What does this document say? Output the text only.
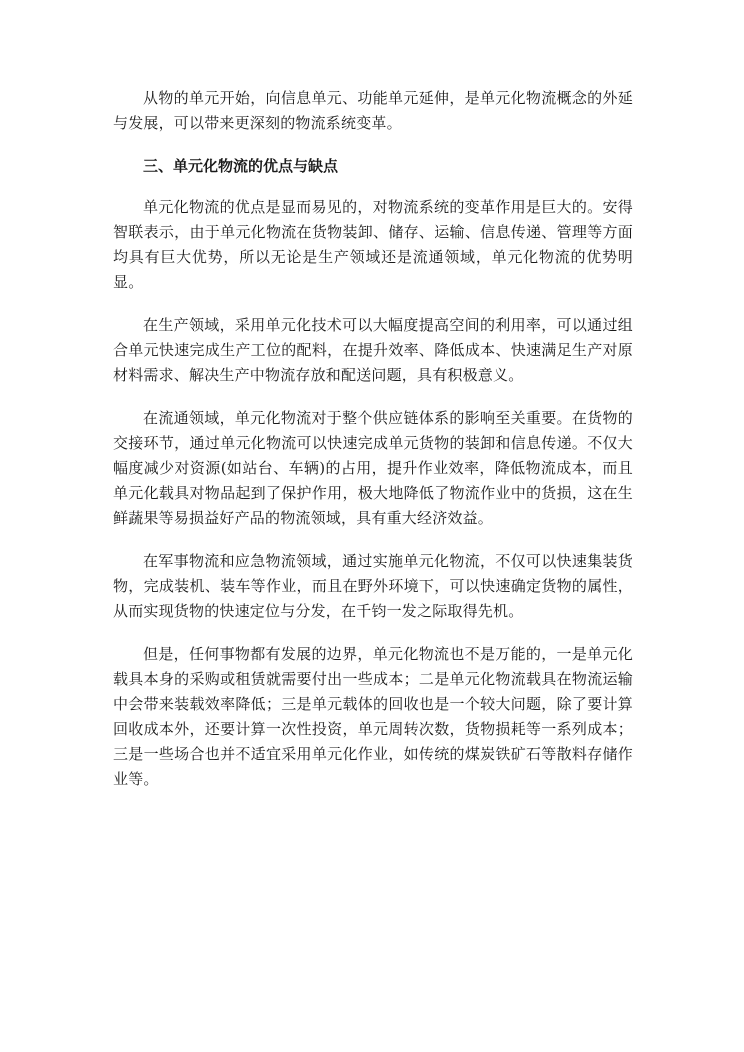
从物的单元开始，向信息单元、功能单元延伸，是单元化物流概念的外延与发展，可以带来更深刻的物流系统变革。

三、单元化物流的优点与缺点

单元化物流的优点是显而易见的，对物流系统的变革作用是巨大的。安得智联表示，由于单元化物流在货物装卸、储存、运输、信息传递、管理等方面均具有巨大优势，所以无论是生产领域还是流通领域，单元化物流的优势明显。

在生产领域，采用单元化技术可以大幅度提高空间的利用率，可以通过组合单元快速完成生产工位的配料，在提升效率、降低成本、快速满足生产对原材料需求、解决生产中物流存放和配送问题，具有积极意义。

在流通领域，单元化物流对于整个供应链体系的影响至关重要。在货物的交接环节，通过单元化物流可以快速完成单元货物的装卸和信息传递。不仅大幅度减少对资源(如站台、车辆)的占用，提升作业效率，降低物流成本，而且单元化载具对物品起到了保护作用，极大地降低了物流作业中的货损，这在生鲜蔬果等易损益好产品的物流领域，具有重大经济效益。

在军事物流和应急物流领域，通过实施单元化物流，不仅可以快速集装货物，完成装机、装车等作业，而且在野外环境下，可以快速确定货物的属性，从而实现货物的快速定位与分发，在千钧一发之际取得先机。

但是，任何事物都有发展的边界，单元化物流也不是万能的，一是单元化载具本身的采购或租赁就需要付出一些成本；二是单元化物流载具在物流运输中会带来装载效率降低；三是单元载体的回收也是一个较大问题，除了要计算回收成本外，还要计算一次性投资，单元周转次数，货物损耗等一系列成本；三是一些场合也并不适宜采用单元化作业，如传统的煤炭铁矿石等散料存储作业等。
